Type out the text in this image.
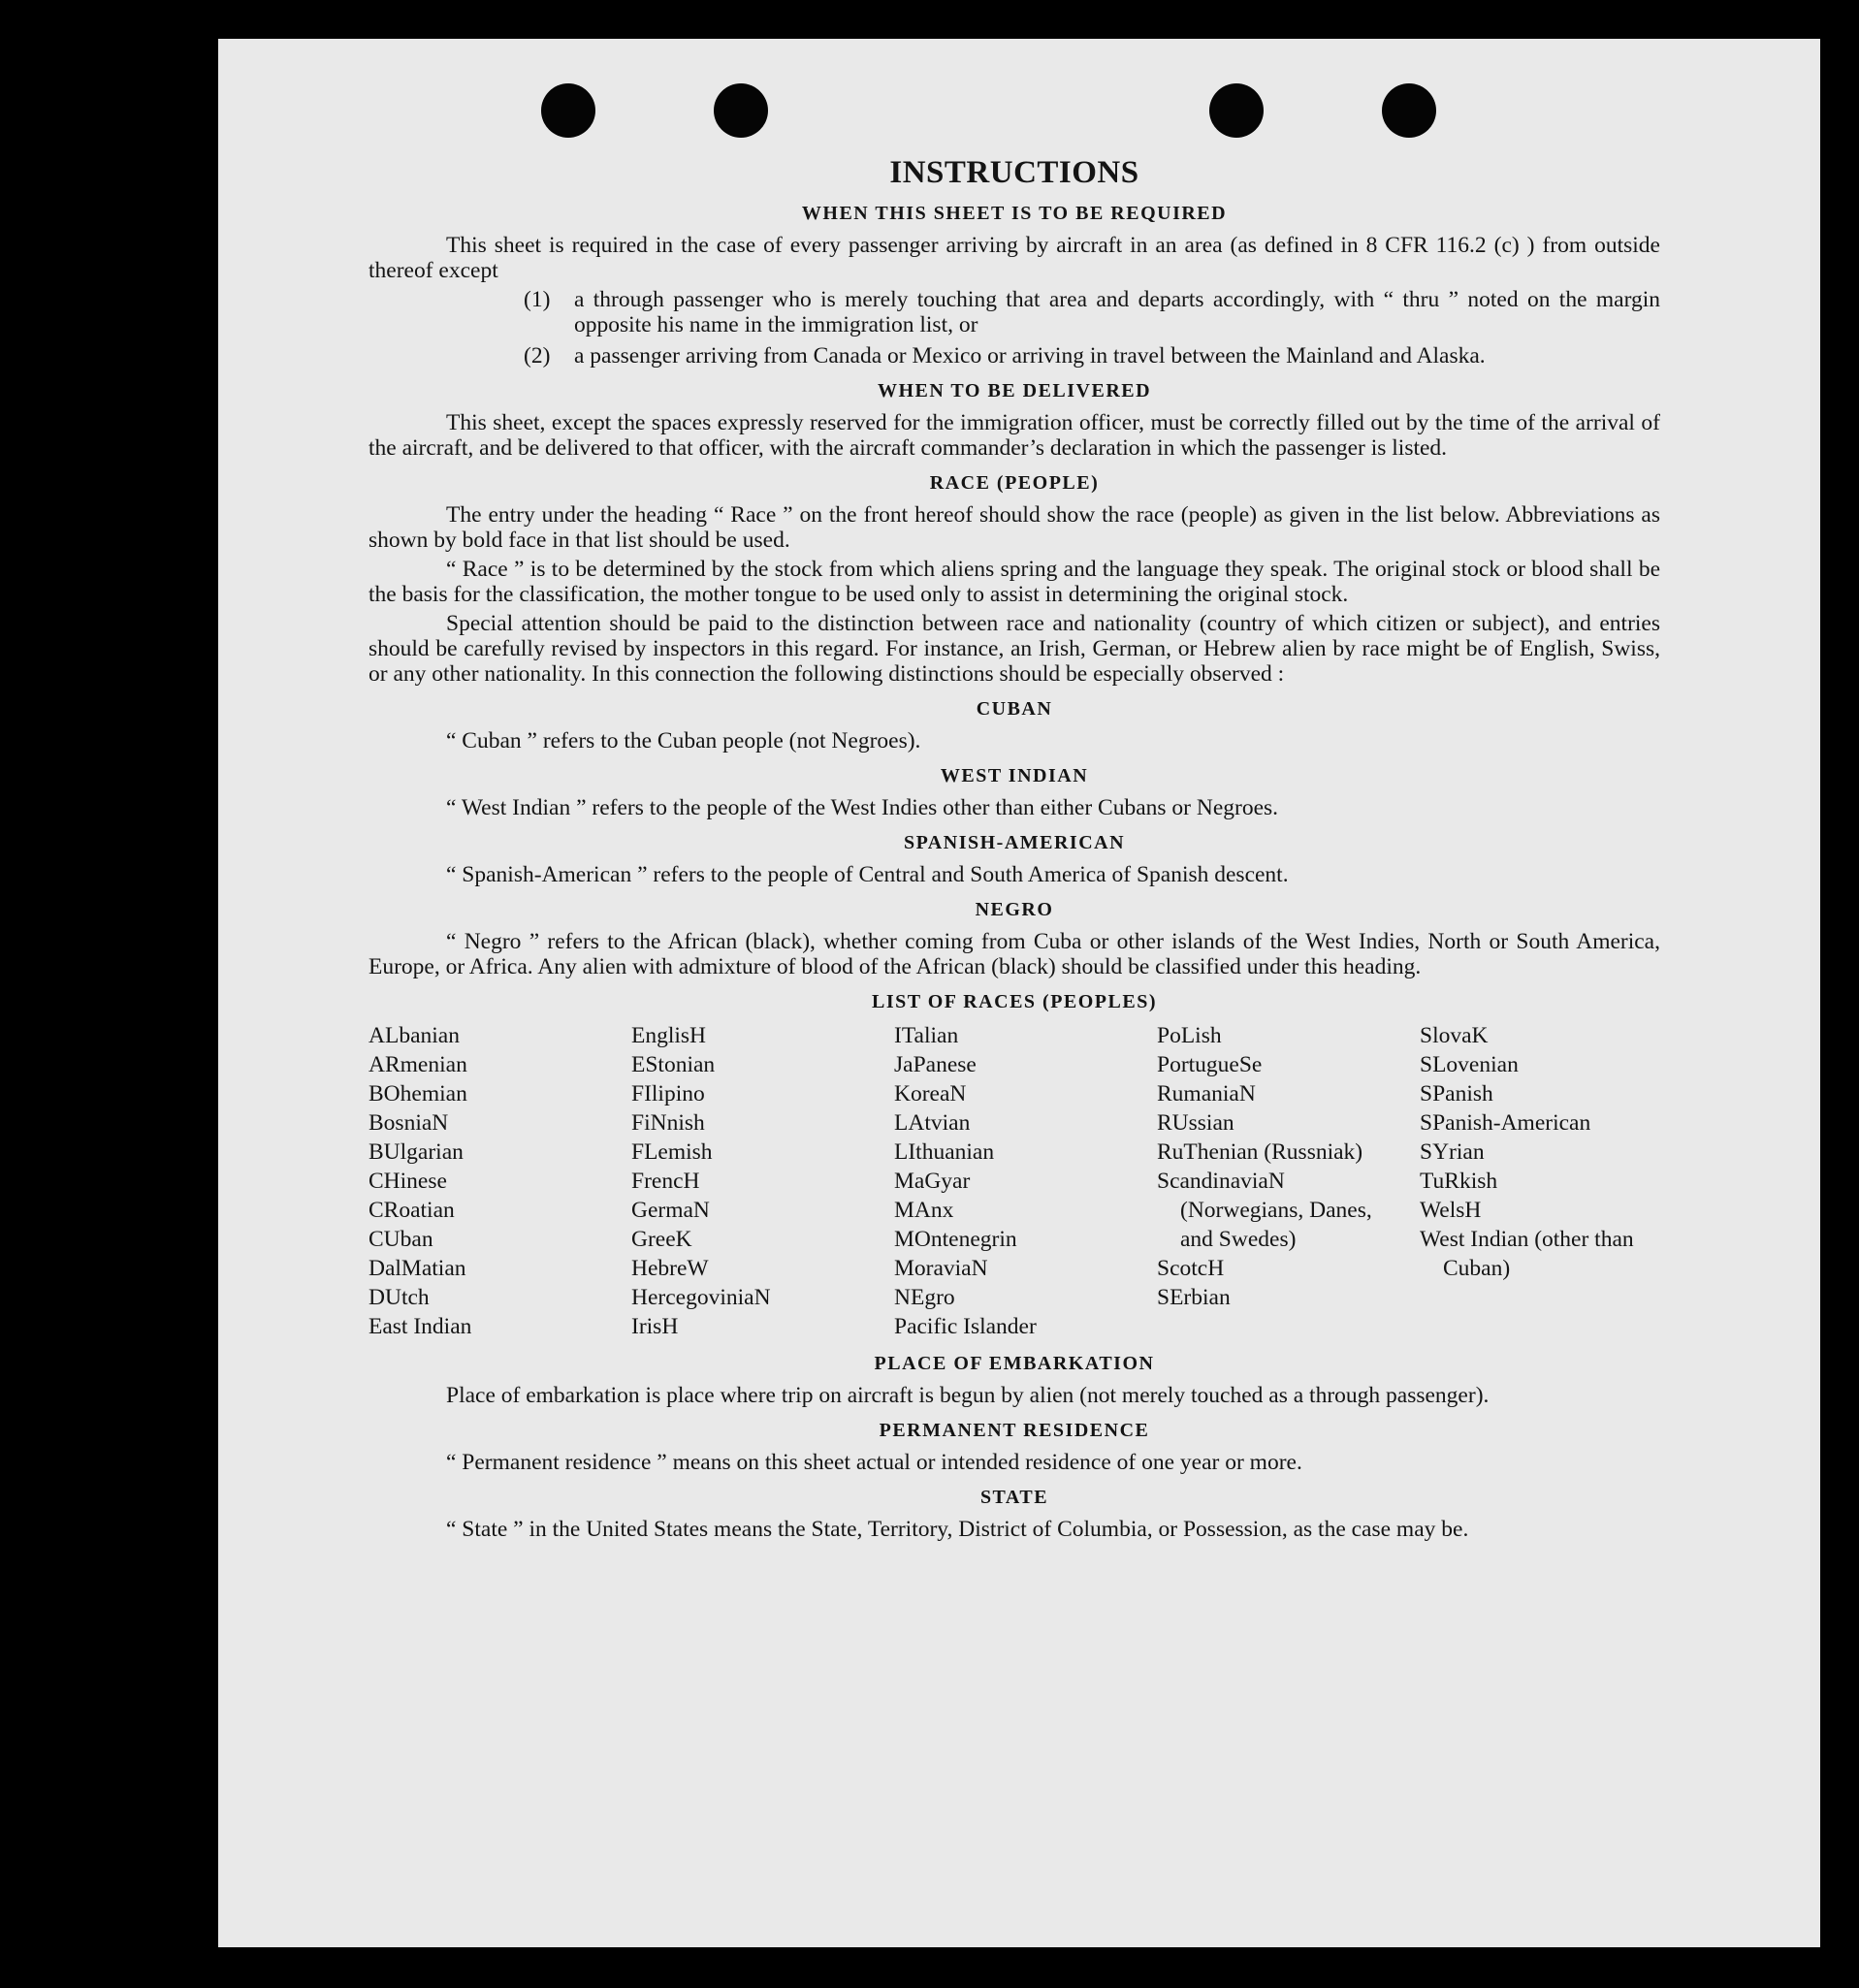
INSTRUCTIONS
WHEN THIS SHEET IS TO BE REQUIRED

This sheet is required in the case of every passenger arriving by aircraft in an area (as defined in 8 CFR 116.2 (c) ) from outside thereof except

(1)	a through passenger who is merely touching that area and departs accordingly, with “ thru ” noted on the margin opposite his name in the immigration list, or
(2)	a passenger arriving from Canada or Mexico or arriving in travel between the Mainland and Alaska.
WHEN TO BE DELIVERED

This sheet, except the spaces expressly reserved for the immigration officer, must be correctly filled out by the time of the arrival of the aircraft, and be delivered to that officer, with the aircraft commander’s declaration in which the passenger is listed.

RACE (PEOPLE)

The entry under the heading “ Race ” on the front hereof should show the race (people) as given in the list below. Abbreviations as shown by bold face in that list should be used.

“ Race ” is to be determined by the stock from which aliens spring and the language they speak. The original stock or blood shall be the basis for the classification, the mother tongue to be used only to assist in determining the original stock.

Special attention should be paid to the distinction between race and nationality (country of which citizen or subject), and entries should be carefully revised by inspectors in this regard. For instance, an Irish, German, or Hebrew alien by race might be of English, Swiss, or any other nationality. In this connection the following distinctions should be especially observed :

CUBAN

“ Cuban ” refers to the Cuban people (not Negroes).

WEST INDIAN

“ West Indian ” refers to the people of the West Indies other than either Cubans or Negroes.

SPANISH-AMERICAN

“ Spanish-American ” refers to the people of Central and South America of Spanish descent.

NEGRO

“ Negro ” refers to the African (black), whether coming from Cuba or other islands of the West Indies, North or South America, Europe, or Africa. Any alien with admixture of blood of the African (black) should be classified under this heading.

LIST OF RACES (PEOPLES)
ALbanian
ARmenian
BOhemian
BosniaN
BUlgarian
CHinese
CRoatian
CUban
DalMatian
DUtch
East Indian
EnglisH
EStonian
FIlipino
FiNnish
FLemish
FrencH
GermaN
GreeK
HebreW
HercegoviniaN
IrisH
ITalian
JaPanese
KoreaN
LAtvian
LIthuanian
MaGyar
MAnx
MOntenegrin
MoraviaN
NEgro
Pacific Islander
PoLish
PortugueSe
RumaniaN
RUssian
RuThenian (Russniak)
ScandinaviaN (Norwegians, Danes, and Swedes)
ScotcH
SErbian
SlovaK
SLovenian
SPanish
SPanish-American
SYrian
TuRkish
WelsH
West Indian (other than Cuban)
PLACE OF EMBARKATION

Place of embarkation is place where trip on aircraft is begun by alien (not merely touched as a through passenger).

PERMANENT RESIDENCE

“ Permanent residence ” means on this sheet actual or intended residence of one year or more.

STATE

“ State ” in the United States means the State, Territory, District of Columbia, or Possession, as the case may be.
